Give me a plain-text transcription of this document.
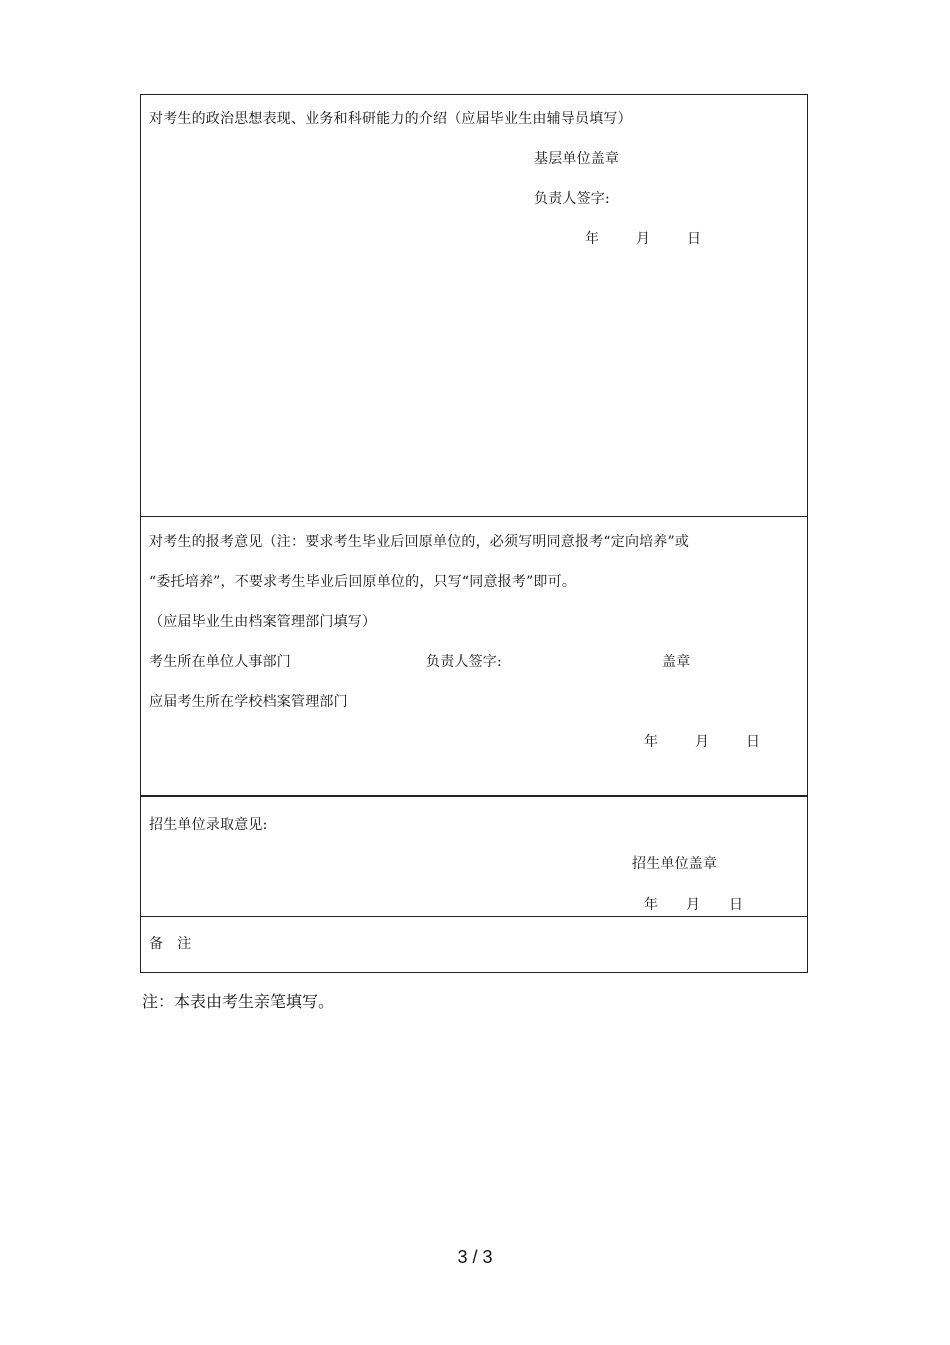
对考生的政治思想表现、业务和科研能力的介绍（应届毕业生由辅导员填写）
基层单位盖章
负责人签字:
年	月	日
对考生的报考意见（注：要求考生毕业后回原单位的，必须写明同意报考“定向培养”或
“委托培养”，不要求考生毕业后回原单位的，只写“同意报考”即可。
（应届毕业生由档案管理部门填写）
考生所在单位人事部门	负责人签字:	盖章
应届考生所在学校档案管理部门
年	月	日
招生单位录取意见:
招生单位盖章
年 月 日
备　注
注：本表由考生亲笔填写。
3 / 3
